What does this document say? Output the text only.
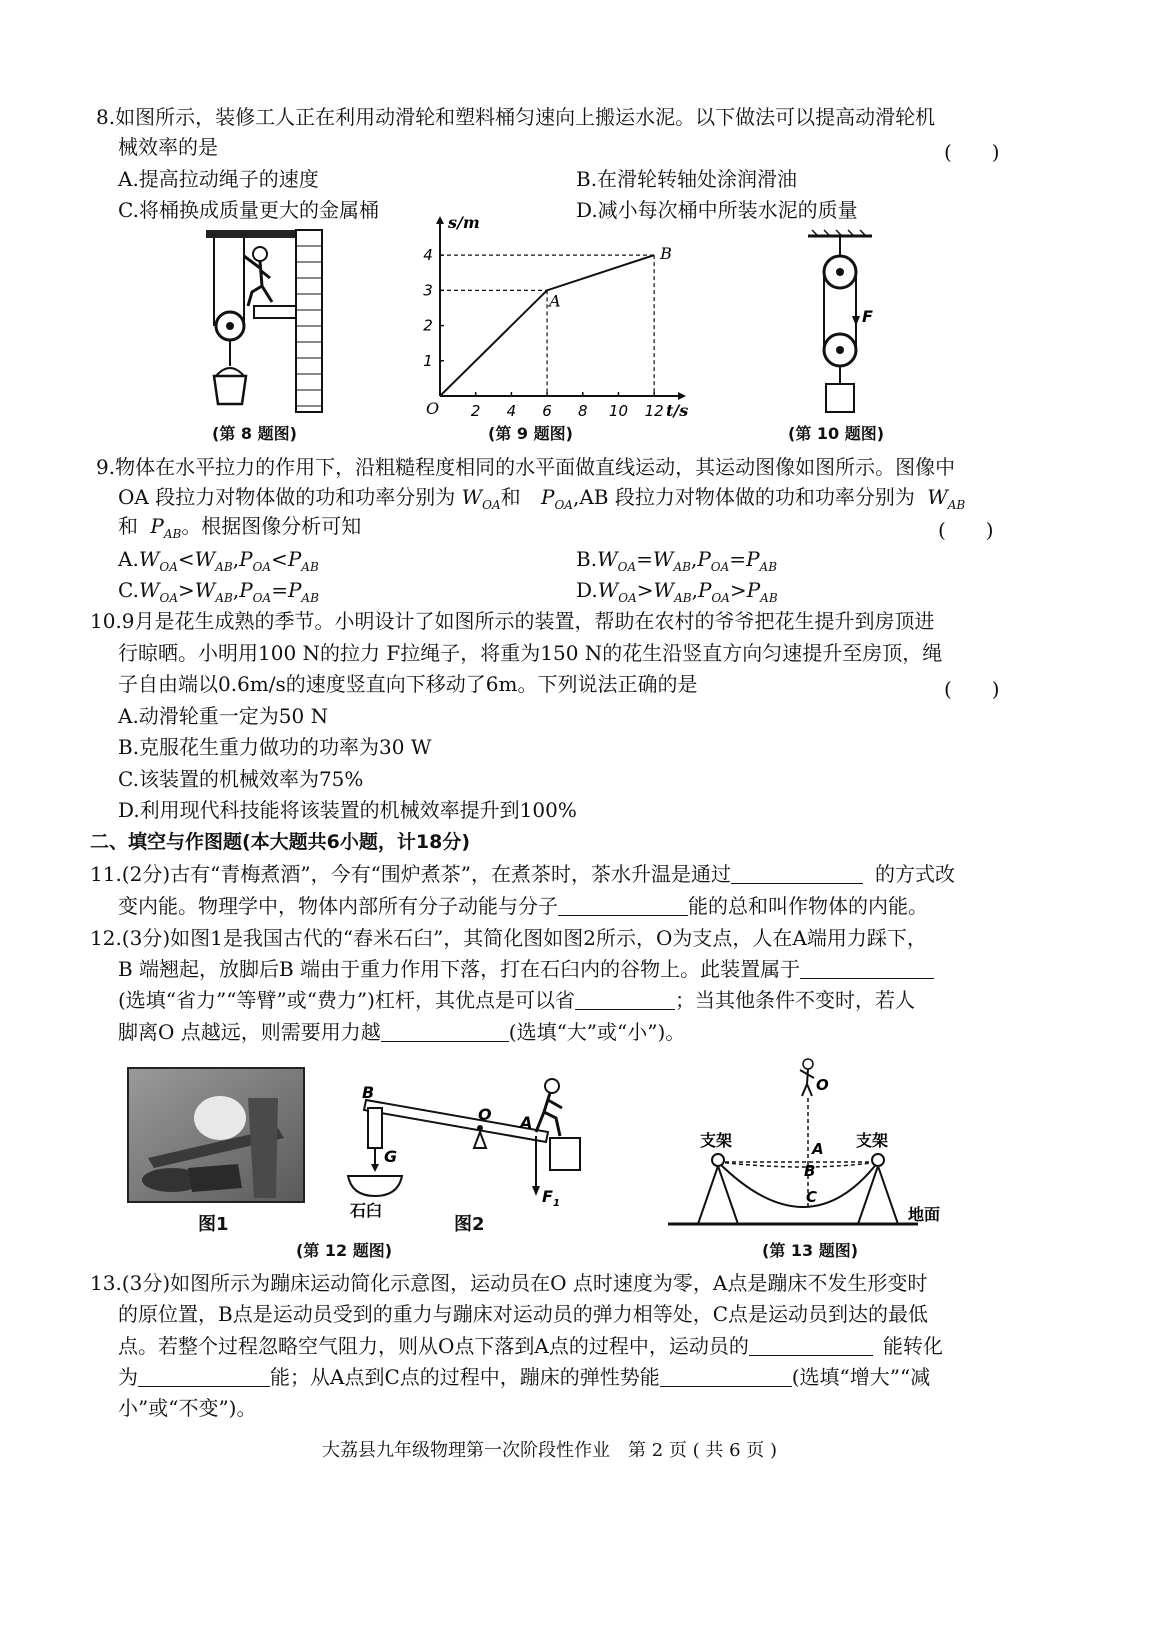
8.如图所示，装修工人正在利用动滑轮和塑料桶匀速向上搬运水泥。以下做法可以提高动滑轮机
械效率的是	(　　)
A.提高拉动绳子的速度	B.在滑轮转轴处涂润滑油
C.将桶换成质量更大的金属桶	D.减小每次桶中所装水泥的质量
(第 8 题图)
2 4 6 8 10 12
1
2
3
4
A
B
O
s/m
t/s
(第 9 题图)
F
(第 10 题图)
9.物体在水平拉力的作用下，沿粗糙程度相同的水平面做直线运动，其运动图像如图所示。图像中
OA 段拉力对物体做的功和功率分别为 $W_{OA}$和 $P_{OA},AB$ 段拉力对物体做的功和功率分别为 $W_{AB}$
和 $P_{AB}$。根据图像分析可知	(　　)
$A.W_{OA}<W_{AB},P_{OA}<P_{AB}$	$B.W_{OA}=W_{AB},P_{OA}=P_{AB}$
$C.W_{OA}>W_{AB},P_{OA}=P_{AB}$	$D.W_{OA}>W_{AB},P_{OA}>P_{AB}$
10.9月是花生成熟的季节。小明设计了如图所示的装置，帮助在农村的爷爷把花生提升到房顶进
行晾晒。小明用100 N的拉力 F拉绳子，将重为150 N的花生沿竖直方向匀速提升至房顶，绳
子自由端以0.6m/s的速度竖直向下移动了6m。下列说法正确的是	(　　)
A.动滑轮重一定为50 N
B.克服花生重力做功的功率为30 W
C.该装置的机械效率为75%
D.利用现代科技能将该装置的机械效率提升到100%
二、填空与作图题(本大题共6小题，计18分)
11.(2分)古有“青梅煮酒”，今有“围炉煮茶”，在煮茶时，茶水升温是通过	的方式改
变内能。物理学中，物体内部所有分子动能与分子	能的总和叫作物体的内能。
12.(3分)如图1是我国古代的“舂米石臼”，其简化图如图2所示，O为支点，人在A端用力踩下，
B 端翘起，放脚后B 端由于重力作用下落，打在石臼内的谷物上。此装置属于
(选填“省力”“等臂”或“费力”)杠杆，其优点是可以省	；当其他条件不变时，若人
脚离O 点越远，则需要用力越	(选填“大”或“小”)。
图1
B
O A
G
石臼
$F_1$
图2
(第 12 题图)
O
支架	支架
地面
A
B
C
(第 13 题图)
13.(3分)如图所示为蹦床运动简化示意图，运动员在O 点时速度为零，A点是蹦床不发生形变时
的原位置，B点是运动员受到的重力与蹦床对运动员的弹力相等处，C点是运动员到达的最低
点。若整个过程忽略空气阻力，则从O点下落到A点的过程中，运动员的	能转化
为	能；从A点到C点的过程中，蹦床的弹性势能	(选填“增大”“减
小”或“不变”)。
大荔县九年级物理第一次阶段性作业　第 2 页 ( 共 6 页 )
